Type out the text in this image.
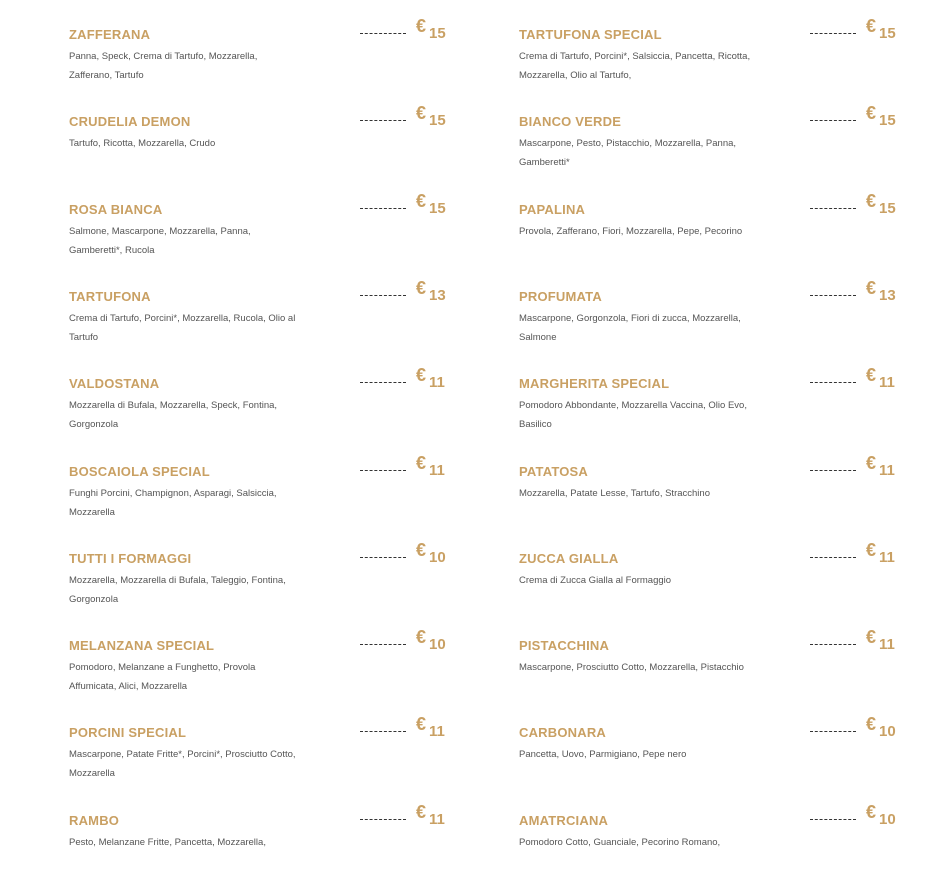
ZAFFERANA
Panna, Speck, Crema di Tartufo, Mozzarella, Zafferano, Tartufo
€ 15
CRUDELIA DEMON
Tartufo, Ricotta, Mozzarella, Crudo
€ 15
ROSA BIANCA
Salmone, Mascarpone, Mozzarella, Panna, Gamberetti*, Rucola
€ 15
TARTUFONA
Crema di Tartufo, Porcini*, Mozzarella, Rucola, Olio al Tartufo
€ 13
VALDOSTANA
Mozzarella di Bufala, Mozzarella, Speck, Fontina, Gorgonzola
€ 11
BOSCAIOLA SPECIAL
Funghi Porcini, Champignon, Asparagi, Salsiccia, Mozzarella
€ 11
TUTTI I FORMAGGI
Mozzarella, Mozzarella di Bufala, Taleggio, Fontina, Gorgonzola
€ 10
MELANZANA SPECIAL
Pomodoro, Melanzane a Funghetto, Provola Affumicata, Alici, Mozzarella
€ 10
PORCINI SPECIAL
Mascarpone, Patate Fritte*, Porcini*, Prosciutto Cotto, Mozzarella
€ 11
RAMBO
Pesto, Melanzane Fritte, Pancetta, Mozzarella,
€ 11
TARTUFONA SPECIAL
Crema di Tartufo, Porcini*, Salsiccia, Pancetta, Ricotta, Mozzarella, Olio al Tartufo,
€ 15
BIANCO VERDE
Mascarpone, Pesto, Pistacchio, Mozzarella, Panna, Gamberetti*
€ 15
PAPALINA
Provola, Zafferano, Fiori, Mozzarella, Pepe, Pecorino
€ 15
PROFUMATA
Mascarpone, Gorgonzola, Fiori di zucca, Mozzarella, Salmone
€ 13
MARGHERITA SPECIAL
Pomodoro Abbondante, Mozzarella Vaccina, Olio Evo, Basilico
€ 11
PATATOSA
Mozzarella, Patate Lesse, Tartufo, Stracchino
€ 11
ZUCCA GIALLA
Crema di Zucca Gialla al Formaggio
€ 11
PISTACCHINA
Mascarpone, Prosciutto Cotto, Mozzarella, Pistacchio
€ 11
CARBONARA
Pancetta, Uovo, Parmigiano, Pepe nero
€ 10
AMATRCIANA
Pomodoro Cotto, Guanciale, Pecorino Romano,
€ 10
